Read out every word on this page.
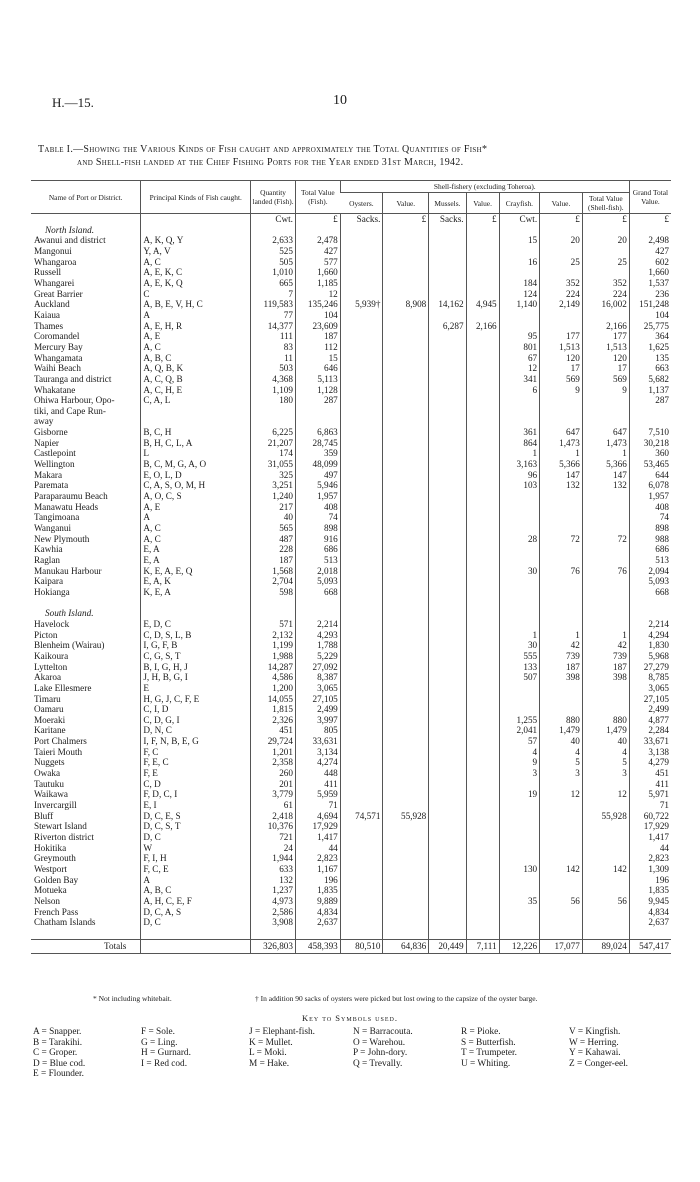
H.—15.	10
Table I.—Showing the Various Kinds of Fish caught and approximately the Total Quantities of Fish*
and Shell-fish landed at the Chief Fishing Ports for the Year ended 31st March, 1942.
Name of Port or District.	Principal Kinds of Fish caught.	Quantity landed (Fish).	Total Value (Fish).	Shell-fishery (excluding Toheroa).							Grand Total Value.
				Oysters.	Value.	Mussels.	Value.	Crayfish.	Value.	Total Value (Shell-fish).	
		Cwt.	£	Sacks.	£	Sacks.	£	Cwt.	£	£	£
North Island.											
Awanui and district	A, K, Q, Y	2,633	2,478					15	20	20	2,498
Mangonui	Y, A, V	525	427								427
Whangaroa	A, C	505	577					16	25	25	602
Russell	A, E, K, C	1,010	1,660								1,660
Whangarei	A, E, K, Q	665	1,185					184	352	352	1,537
Great Barrier	C	7	12					124	224	224	236
Auckland	A, B, E, V, H, C	119,583	135,246	5,939†	8,908	14,162	4,945	1,140	2,149	16,002	151,248
Kaiaua	A	77	104								104
Thames	A, E, H, R	14,377	23,609			6,287	2,166			2,166	25,775
Coromandel	A, E	111	187					95	177	177	364
Mercury Bay	A, C	83	112					801	1,513	1,513	1,625
Whangamata	A, B, C	11	15					67	120	120	135
Waihi Beach	A, Q, B, K	503	646					12	17	17	663
Tauranga and district	A, C, Q, B	4,368	5,113					341	569	569	5,682
Whakatane	A, C, H, E	1,109	1,128					6	9	9	1,137
Ohiwa Harbour, Opo-	C, A, L	180	287								287
tiki, and Cape Run-											
away											
Gisborne	B, C, H	6,225	6,863					361	647	647	7,510
Napier	B, H, C, L, A	21,207	28,745					864	1,473	1,473	30,218
Castlepoint	L	174	359					1	1	1	360
Wellington	B, C, M, G, A, O	31,055	48,099					3,163	5,366	5,366	53,465
Makara	E, O, L, D	325	497					96	147	147	644
Paremata	C, A, S, O, M, H	3,251	5,946					103	132	132	6,078
Paraparaumu Beach	A, O, C, S	1,240	1,957								1,957
Manawatu Heads	A, E	217	408								408
Tangimoana	A	40	74								74
Wanganui	A, C	565	898								898
New Plymouth	A, C	487	916					28	72	72	988
Kawhia	E, A	228	686								686
Raglan	E, A	187	513								513
Manukau Harbour	K, E, A, E, Q	1,568	2,018					30	76	76	2,094
Kaipara	E, A, K	2,704	5,093								5,093
Hokianga	K, E, A	598	668								668

South Island.											
Havelock	E, D, C	571	2,214								2,214
Picton	C, D, S, L, B	2,132	4,293					1	1	1	4,294
Blenheim (Wairau)	I, G, F, B	1,199	1,788					30	42	42	1,830
Kaikoura	C, G, S, T	1,988	5,229					555	739	739	5,968
Lyttelton	B, I, G, H, J	14,287	27,092					133	187	187	27,279
Akaroa	J, H, B, G, I	4,586	8,387					507	398	398	8,785
Lake Ellesmere	E	1,200	3,065								3,065
Timaru	H, G, J, C, F, E	14,055	27,105								27,105
Oamaru	C, I, D	1,815	2,499								2,499
Moeraki	C, D, G, I	2,326	3,997					1,255	880	880	4,877
Karitane	D, N, C	451	805					2,041	1,479	1,479	2,284
Port Chalmers	I, F, N, B, E, G	29,724	33,631					57	40	40	33,671
Taieri Mouth	F, C	1,201	3,134					4	4	4	3,138
Nuggets	F, E, C	2,358	4,274					9	5	5	4,279
Owaka	F, E	260	448					3	3	3	451
Tautuku	C, D	201	411								411
Waikawa	F, D, C, I	3,779	5,959					19	12	12	5,971
Invercargill	E, I	61	71								71
Bluff	D, C, E, S	2,418	4,694	74,571	55,928					55,928	60,722
Stewart Island	D, C, S, T	10,376	17,929								17,929
Riverton district	D, C	721	1,417								1,417
Hokitika	W	24	44								44
Greymouth	F, I, H	1,944	2,823								2,823
Westport	F, C, E	633	1,167					130	142	142	1,309
Golden Bay	A	132	196								196
Motueka	A, B, C	1,237	1,835								1,835
Nelson	A, H, C, E, F	4,973	9,889					35	56	56	9,945
French Pass	D, C, A, S	2,586	4,834								4,834
Chatham Islands	D, C	3,908	2,637								2,637

Totals		326,803	458,393	80,510	64,836	20,449	7,111	12,226	17,077	89,024	547,417
* Not including whitebait.	† In addition 90 sacks of oysters were picked but lost owing to the capsize of the oyster barge.
Key to Symbols used.
A = Snapper.
B = Tarakihi.
C = Groper.
D = Blue cod.
E = Flounder.
F = Sole.
G = Ling.
H = Gurnard.
I = Red cod.
J = Elephant-fish.
K = Mullet.
L = Moki.
M = Hake.
N = Barracouta.
O = Warehou.
P = John-dory.
Q = Trevally.
R = Pioke.
S = Butterfish.
T = Trumpeter.
U = Whiting.
V = Kingfish.
W = Herring.
Y = Kahawai.
Z = Conger-eel.
